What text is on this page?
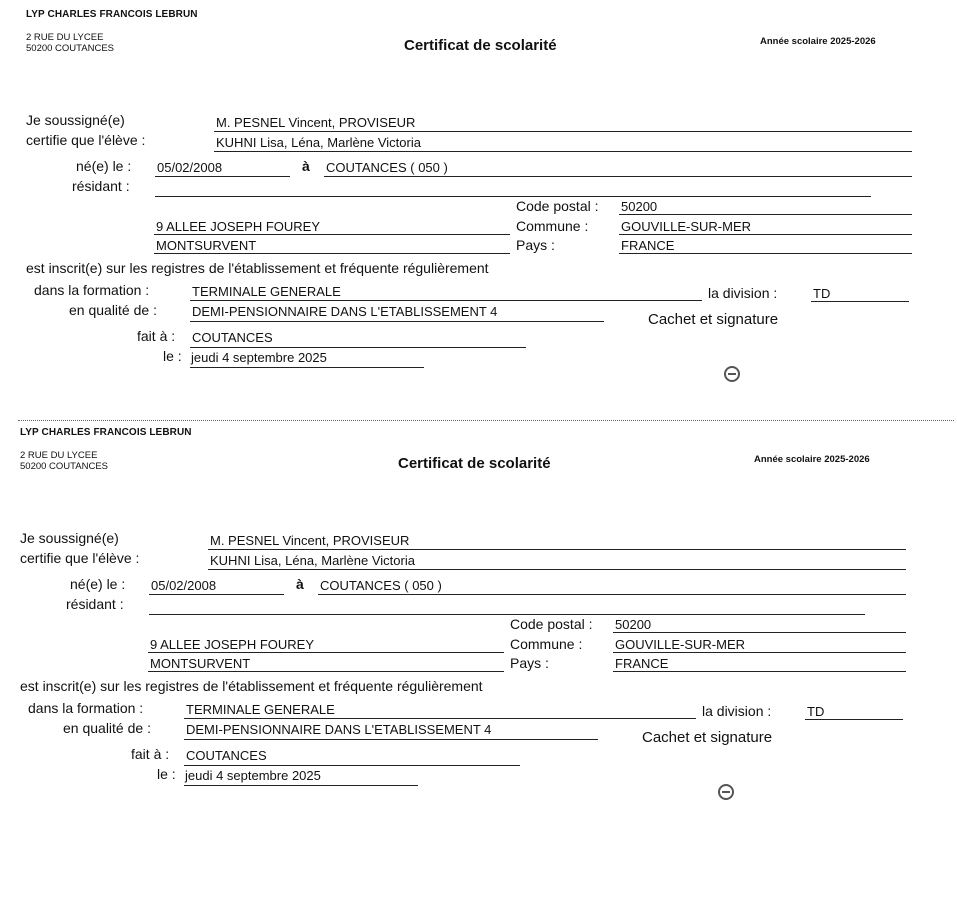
LYP CHARLES FRANCOIS LEBRUN
2 RUE DU LYCEE
50200 COUTANCES	Certificat de scolarité	Année scolaire 2025-2026
Je soussigné(e)	M. PESNEL Vincent, PROVISEUR
certifie que l'élève :	KUHNI Lisa, Léna, Marlène Victoria
né(e) le : 05/02/2008	à COUTANCES ( 050 )
résidant :
Code postal : 50200
9 ALLEE JOSEPH FOUREY	Commune :	GOUVILLE-SUR-MER
MONTSURVENT	Pays :	FRANCE
est inscrit(e) sur les registres de l'établissement et fréquente régulièrement
dans la formation :	TERMINALE GENERALE	la division :	TD
en qualité de :	DEMI-PENSIONNAIRE DANS L'ETABLISSEMENT 4	Cachet et signature
fait à : COUTANCES
le : jeudi 4 septembre 2025
LYP CHARLES FRANCOIS LEBRUN
2 RUE DU LYCEE
50200 COUTANCES	Certificat de scolarité	Année scolaire 2025-2026
Je soussigné(e)	M. PESNEL Vincent, PROVISEUR
certifie que l'élève :	KUHNI Lisa, Léna, Marlène Victoria
né(e) le : 05/02/2008	à COUTANCES ( 050 )
résidant :
Code postal : 50200
9 ALLEE JOSEPH FOUREY	Commune :	GOUVILLE-SUR-MER
MONTSURVENT	Pays :	FRANCE
est inscrit(e) sur les registres de l'établissement et fréquente régulièrement
dans la formation :	TERMINALE GENERALE	la division :	TD
en qualité de :	DEMI-PENSIONNAIRE DANS L'ETABLISSEMENT 4	Cachet et signature
fait à : COUTANCES
le : jeudi 4 septembre 2025
